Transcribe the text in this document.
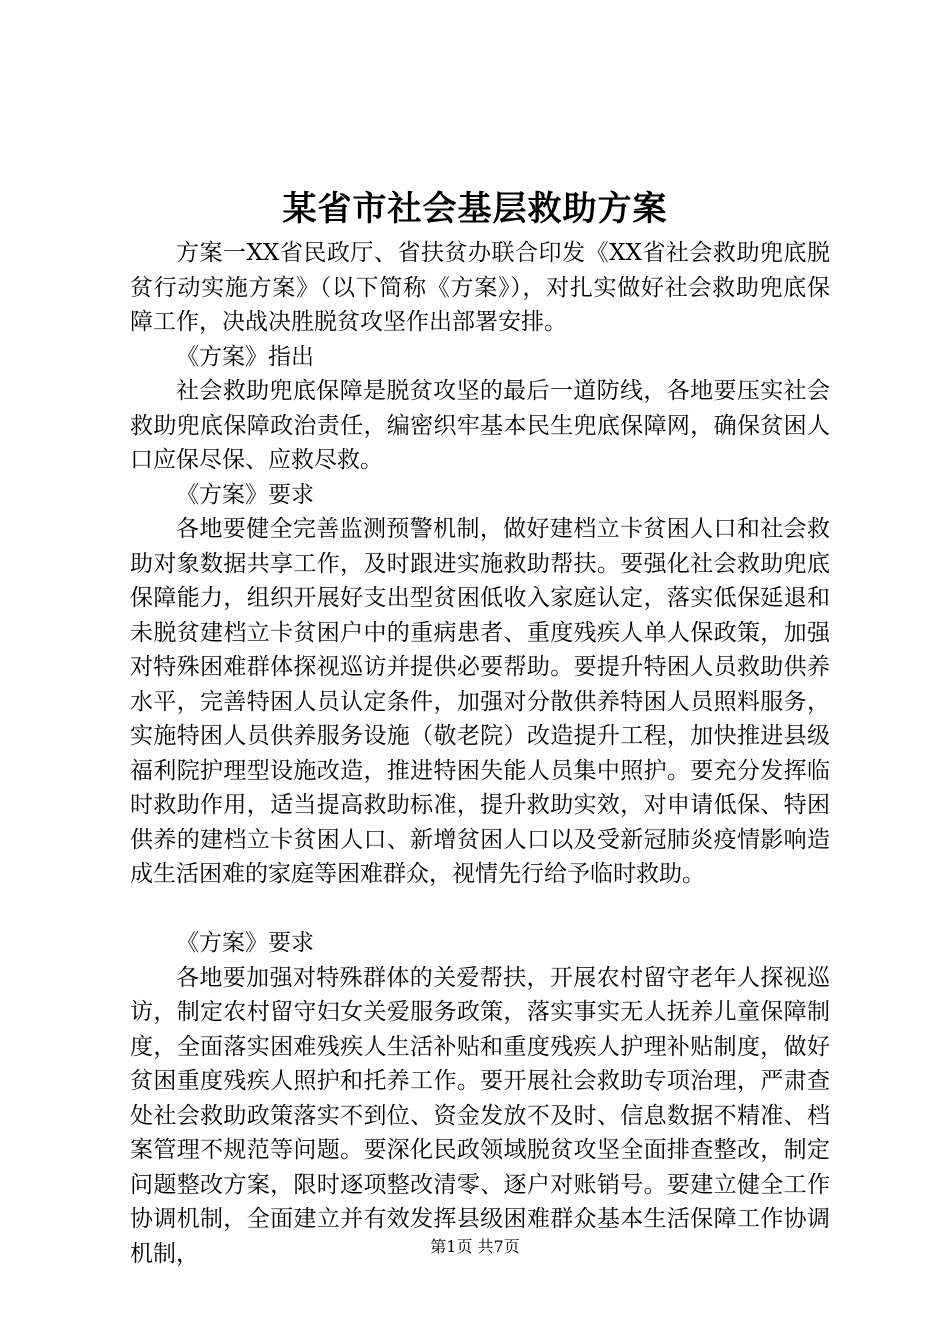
某省市社会基层救助方案

方案一XX省民政厅、省扶贫办联合印发《XX省社会救助兜底脱贫行动实施方案》（以下简称《方案》），对扎实做好社会救助兜底保障工作，决战决胜脱贫攻坚作出部署安排。

《方案》指出

社会救助兜底保障是脱贫攻坚的最后一道防线，各地要压实社会救助兜底保障政治责任，编密织牢基本民生兜底保障网，确保贫困人口应保尽保、应救尽救。

《方案》要求

各地要健全完善监测预警机制，做好建档立卡贫困人口和社会救助对象数据共享工作，及时跟进实施救助帮扶。要强化社会救助兜底保障能力，组织开展好支出型贫困低收入家庭认定，落实低保延退和未脱贫建档立卡贫困户中的重病患者、重度残疾人单人保政策，加强对特殊困难群体探视巡访并提供必要帮助。要提升特困人员救助供养水平，完善特困人员认定条件，加强对分散供养特困人员照料服务，实施特困人员供养服务设施（敬老院）改造提升工程，加快推进县级福利院护理型设施改造，推进特困失能人员集中照护。要充分发挥临时救助作用，适当提高救助标准，提升救助实效，对申请低保、特困供养的建档立卡贫困人口、新增贫困人口以及受新冠肺炎疫情影响造成生活困难的家庭等困难群众，视情先行给予临时救助。

《方案》要求

各地要加强对特殊群体的关爱帮扶，开展农村留守老年人探视巡访，制定农村留守妇女关爱服务政策，落实事实无人抚养儿童保障制度，全面落实困难残疾人生活补贴和重度残疾人护理补贴制度，做好贫困重度残疾人照护和托养工作。要开展社会救助专项治理，严肃查处社会救助政策落实不到位、资金发放不及时、信息数据不精准、档案管理不规范等问题。要深化民政领域脱贫攻坚全面排查整改，制定问题整改方案，限时逐项整改清零、逐户对账销号。要建立健全工作协调机制，全面建立并有效发挥县级困难群众基本生活保障工作协调机制，	第1页 共7页
